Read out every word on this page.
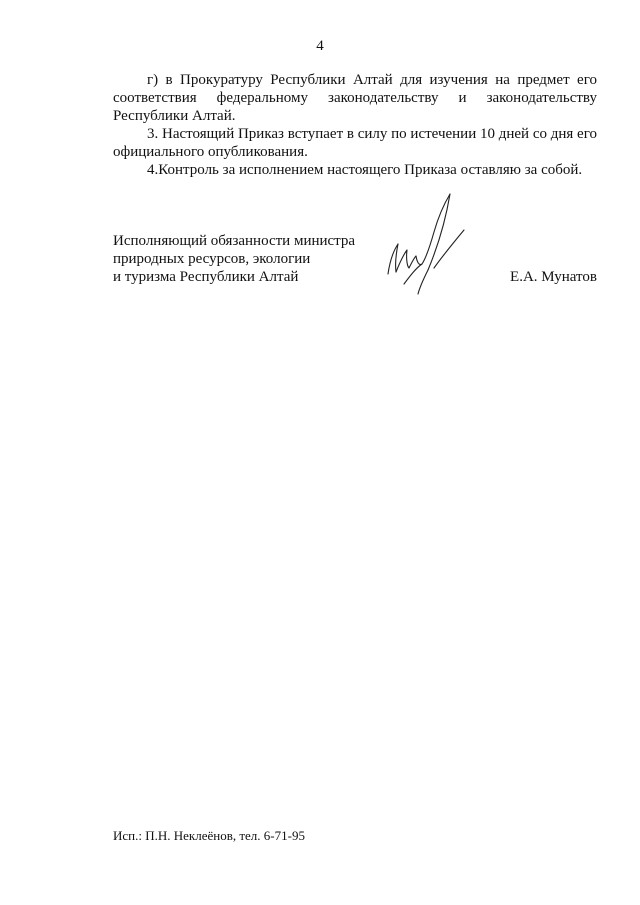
4

г) в Прокуратуру Республики Алтай для изучения на предмет его соответствия федеральному законодательству и законодательству Республики Алтай.

3. Настоящий Приказ вступает в силу по истечении 10 дней со дня его официального опубликования.

4.Контроль за исполнением настоящего Приказа оставляю за собой.

Исполняющий обязанности министра
природных ресурсов, экологии
и туризма Республики Алтай	Е.А. Мунатов
Исп.: П.Н. Неклеёнов, тел. 6-71-95
